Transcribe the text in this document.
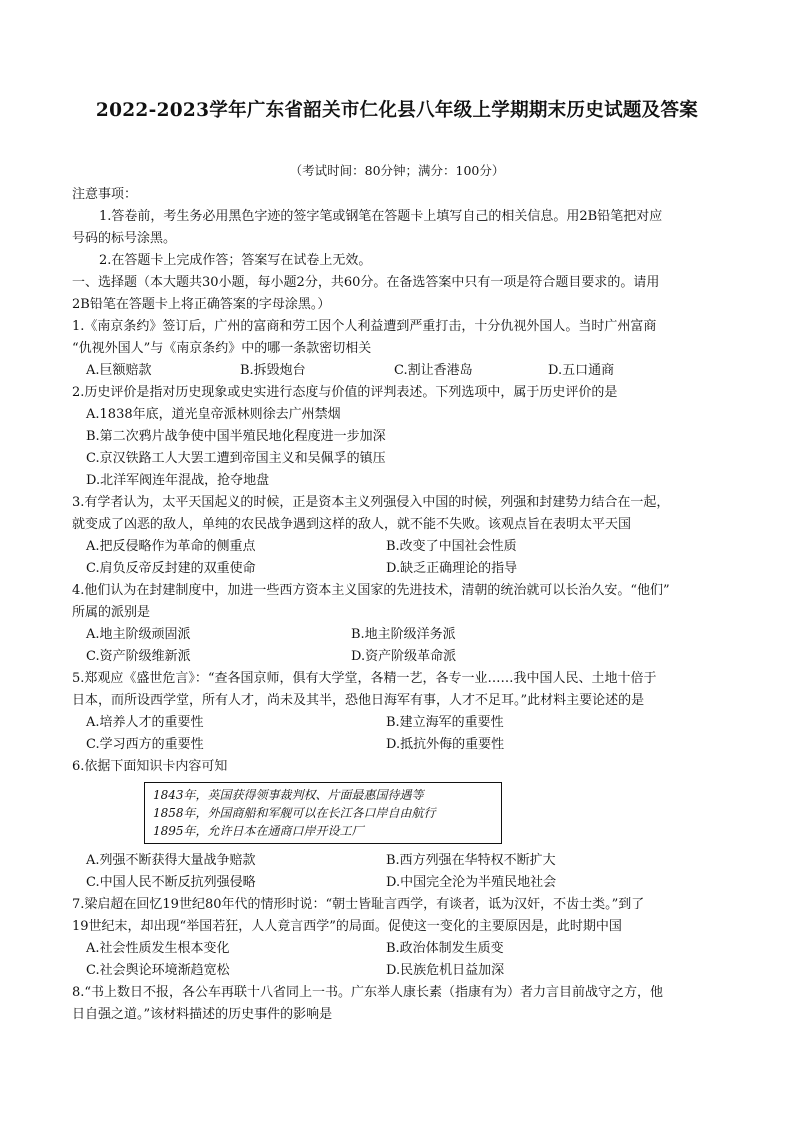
2022-2023学年广东省韶关市仁化县八年级上学期期末历史试题及答案
（考试时间：80分钟；满分：100分）
注意事项：
1.答卷前，考生务必用黑色字迹的签字笔或钢笔在答题卡上填写自己的相关信息。用2B铅笔把对应
号码的标号涂黑。
2.在答题卡上完成作答；答案写在试卷上无效。
一、选择题（本大题共30小题，每小题2分，共60分。在备选答案中只有一项是符合题目要求的。请用
2B铅笔在答题卡上将正确答案的字母涂黑。）
1.《南京条约》签订后，广州的富商和劳工因个人利益遭到严重打击，十分仇视外国人。当时广州富商
“仇视外国人”与《南京条约》中的哪一条款密切相关
A.巨额赔款	B.拆毁炮台	C.割让香港岛	D.五口通商
2.历史评价是指对历史现象或史实进行态度与价值的评判表述。下列选项中，属于历史评价的是
A.1838年底，道光皇帝派林则徐去广州禁烟
B.第二次鸦片战争使中国半殖民地化程度进一步加深
C.京汉铁路工人大罢工遭到帝国主义和吴佩孚的镇压
D.北洋军阀连年混战，抢夺地盘
3.有学者认为，太平天国起义的时候，正是资本主义列强侵入中国的时候，列强和封建势力结合在一起，
就变成了凶恶的敌人，单纯的农民战争遇到这样的敌人，就不能不失败。该观点旨在表明太平天国
A.把反侵略作为革命的侧重点	B.改变了中国社会性质
C.肩负反帝反封建的双重使命	D.缺乏正确理论的指导
4.他们认为在封建制度中，加进一些西方资本主义国家的先进技术，清朝的统治就可以长治久安。“他们”
所属的派别是
A.地主阶级顽固派	B.地主阶级洋务派
C.资产阶级维新派	D.资产阶级革命派
5.郑观应《盛世危言》：“查各国京师，俱有大学堂，各精一艺，各专一业……我中国人民、土地十倍于
日本，而所设西学堂，所有人才，尚未及其半，恐他日海军有事，人才不足耳。”此材料主要论述的是
A.培养人才的重要性	B.建立海军的重要性
C.学习西方的重要性	D.抵抗外侮的重要性
6.依据下面知识卡内容可知
1843年，英国获得领事裁判权、片面最惠国待遇等
1858年，外国商船和军舰可以在长江各口岸自由航行
1895年，允许日本在通商口岸开设工厂
A.列强不断获得大量战争赔款	B.西方列强在华特权不断扩大
C.中国人民不断反抗列强侵略	D.中国完全沦为半殖民地社会
7.梁启超在回忆19世纪80年代的情形时说：“朝士皆耻言西学，有谈者，诋为汉奸，不齿士类。”到了
19世纪末，却出现“举国若狂，人人竟言西学”的局面。促使这一变化的主要原因是，此时期中国
A.社会性质发生根本变化	B.政治体制发生质变
C.社会舆论环境渐趋宽松	D.民族危机日益加深
8.“书上数日不报，各公车再联十八省同上一书。广东举人康长素（指康有为）者力言目前战守之方，他
日自强之道。”该材料描述的历史事件的影响是
